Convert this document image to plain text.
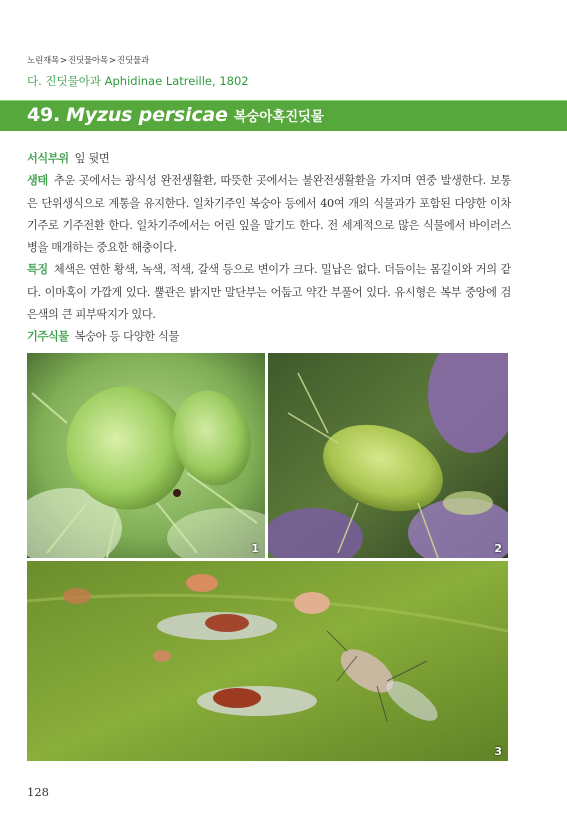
노린재목>진딧물아목>진딧물과
다. 진딧물아과 Aphidinae Latreille, 1802
49. Myzus persicae 복숭아혹진딧물

서식부위 잎 뒷면

생태 추운 곳에서는 광식성 완전생활환, 따뜻한 곳에서는 불완전생활환을 가지며 연중 발생한다. 보통은 단위생식으로 계통을 유지한다. 일차기주인 복숭아 등에서 40여 개의 식물과가 포함된 다양한 이차기주로 기주전환 한다. 일차기주에서는 어린 잎을 말기도 한다. 전 세계적으로 많은 식물에서 바이러스병을 매개하는 중요한 해충이다.

특징 체색은 연한 황색, 녹색, 적색, 갈색 등으로 변이가 크다. 밀납은 없다. 더듬이는 몸길이와 거의 같다. 이마혹이 가깝게 있다. 뿔관은 밝지만 말단부는 어둡고 약간 부풀어 있다. 유시형은 복부 중앙에 검은색의 큰 피부딱지가 있다.

기주식물 복숭아 등 다양한 식물

1	2
3
128
